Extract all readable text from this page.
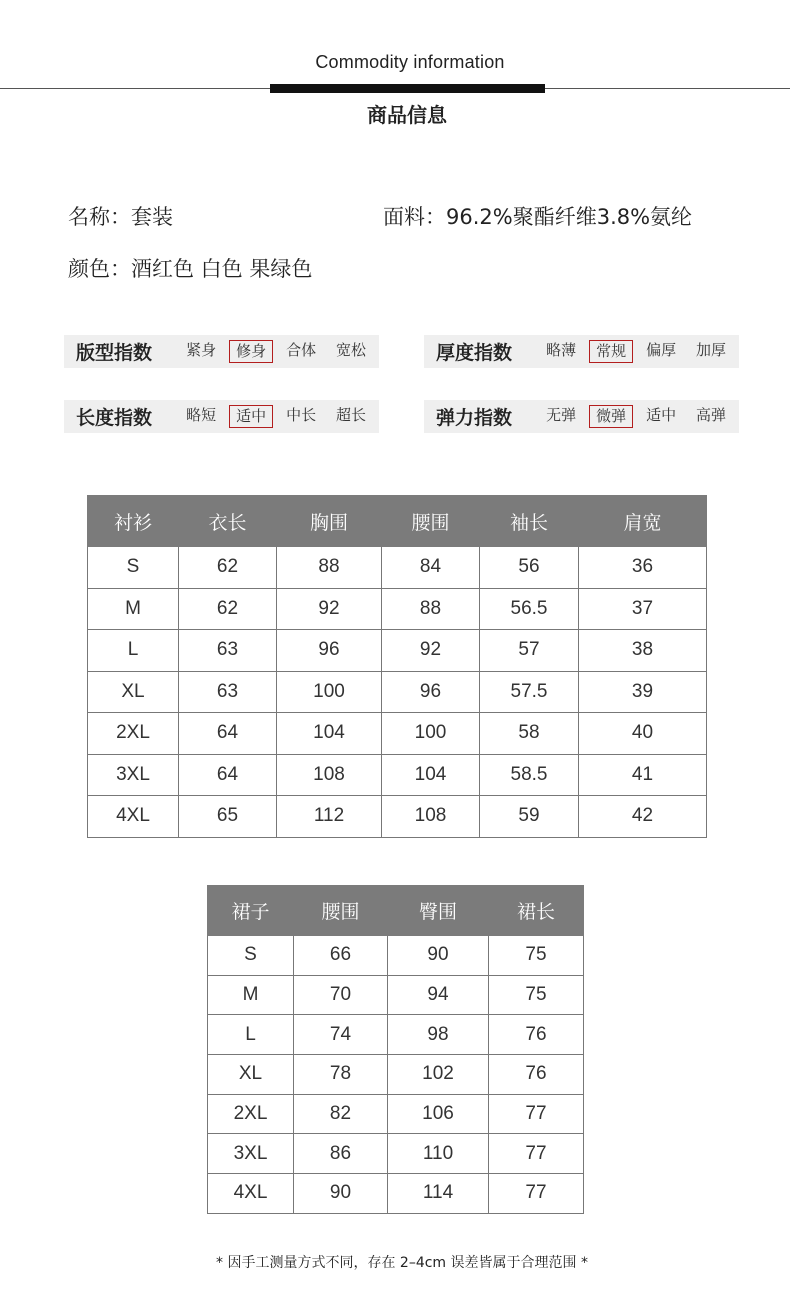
Commodity information
商品信息
名称：套装	面料：96.2%聚酯纤维3.8%氨纶
颜色：酒红色 白色 果绿色
版型指数	紧身	修身	合体	宽松	厚度指数	略薄	常规	偏厚	加厚
长度指数	略短	适中	中长	超长	弹力指数	无弹	微弹	适中	高弹
衬衫	衣长	胸围	腰围	袖长	肩宽
S	62	88	84	56	36
M	62	92	88	56.5	37
L	63	96	92	57	38
XL	63	100	96	57.5	39
2XL	64	104	100	58	40
3XL	64	108	104	58.5	41
4XL	65	112	108	59	42
裙子	腰围	臀围	裙长
S	66	90	75
M	70	94	75
L	74	98	76
XL	78	102	76
2XL	82	106	77
3XL	86	110	77
4XL	90	114	77
* 因手工测量方式不同，存在 2–4cm 误差皆属于合理范围 *
